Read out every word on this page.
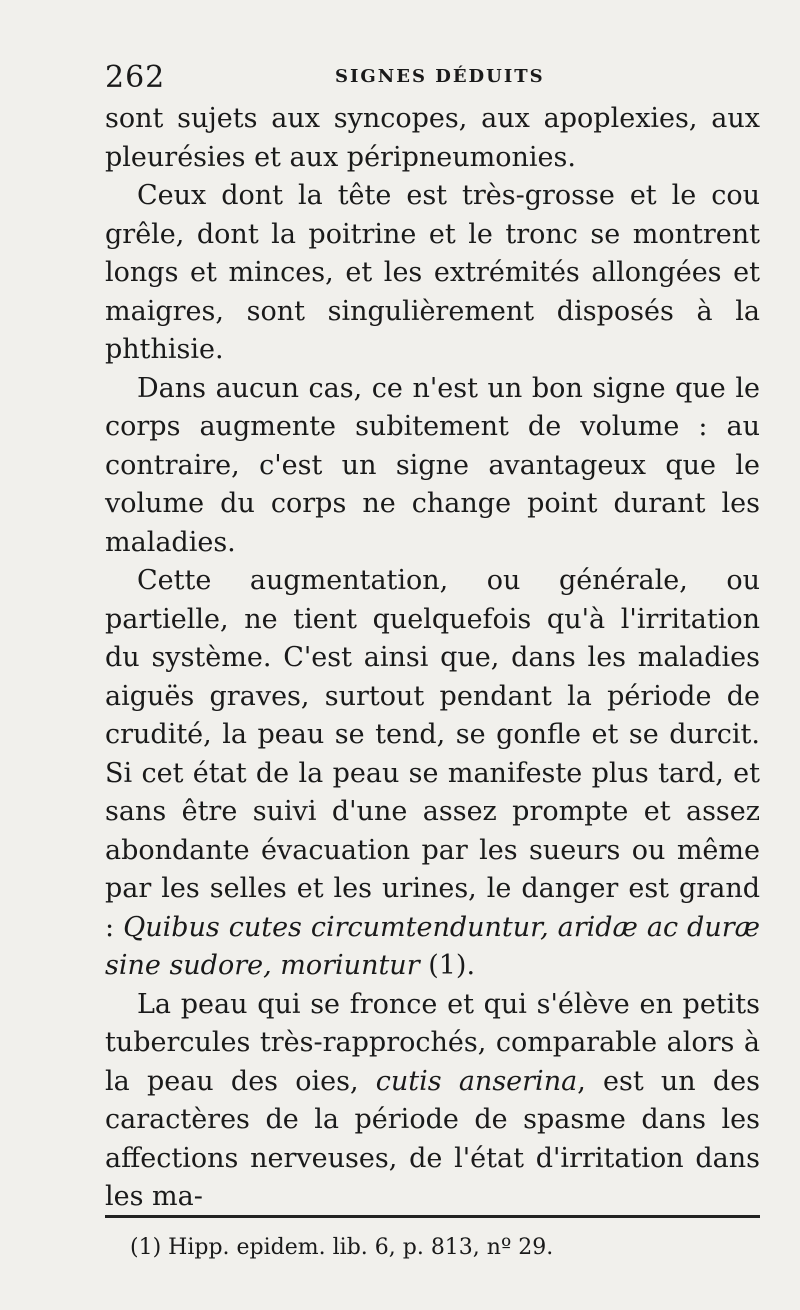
262	SIGNES DÉDUITS

sont sujets aux syncopes, aux apoplexies, aux pleurésies et aux péripneumonies.

Ceux dont la tête est très-grosse et le cou grêle, dont la poitrine et le tronc se montrent longs et minces, et les extrémités allongées et maigres, sont singulièrement disposés à la phthisie.

Dans aucun cas, ce n'est un bon signe que le corps augmente subitement de volume : au contraire, c'est un signe avantageux que le volume du corps ne change point durant les maladies.

Cette augmentation, ou générale, ou partielle, ne tient quelquefois qu'à l'irritation du système. C'est ainsi que, dans les maladies aiguës graves, surtout pendant la période de crudité, la peau se tend, se gonfle et se durcit. Si cet état de la peau se manifeste plus tard, et sans être suivi d'une assez prompte et assez abondante évacuation par les sueurs ou même par les selles et les urines, le danger est grand : Quibus cutes circumtenduntur, aridæ ac duræ sine sudore, moriuntur (1).

La peau qui se fronce et qui s'élève en petits tubercules très-rapprochés, comparable alors à la peau des oies, cutis anserina, est un des caractères de la période de spasme dans les affections nerveuses, de l'état d'irritation dans les ma-

(1) Hipp. epidem. lib. 6, p. 813, nº 29.
